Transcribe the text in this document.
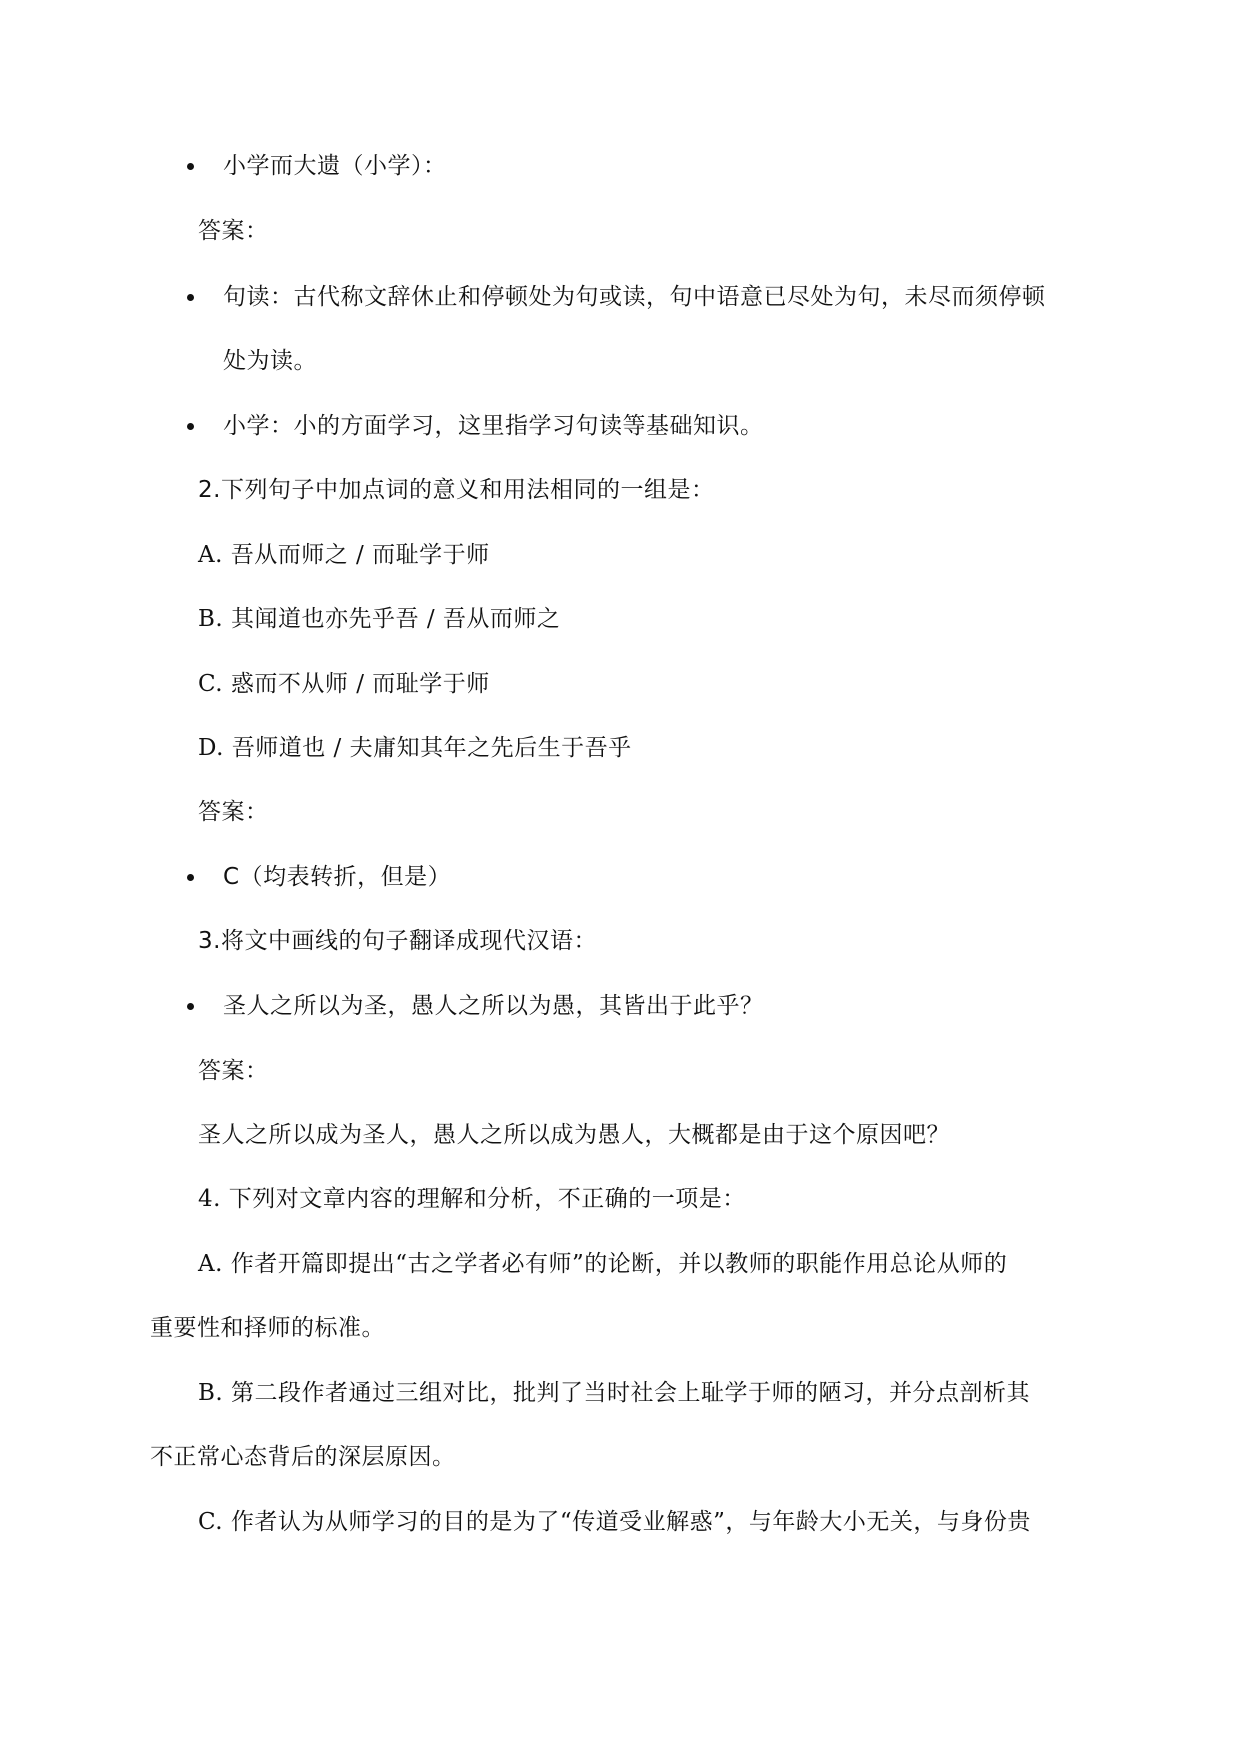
小学而大遗（小学）：
答案：
句读：古代称文辞休止和停顿处为句或读，句中语意已尽处为句，未尽而须停顿
处为读。
小学：小的方面学习，这里指学习句读等基础知识。
2.下列句子中加点词的意义和用法相同的一组是：
A. 吾从而师之 / 而耻学于师
B. 其闻道也亦先乎吾 / 吾从而师之
C. 惑而不从师 / 而耻学于师
D. 吾师道也 / 夫庸知其年之先后生于吾乎
答案：
C（均表转折，但是）
3.将文中画线的句子翻译成现代汉语：
圣人之所以为圣，愚人之所以为愚，其皆出于此乎？
答案：
圣人之所以成为圣人，愚人之所以成为愚人，大概都是由于这个原因吧？
4. 下列对文章内容的理解和分析，不正确的一项是：
A. 作者开篇即提出“古之学者必有师”的论断，并以教师的职能作用总论从师的
重要性和择师的标准。
B. 第二段作者通过三组对比，批判了当时社会上耻学于师的陋习，并分点剖析其
不正常心态背后的深层原因。
C. 作者认为从师学习的目的是为了“传道受业解惑”，与年龄大小无关，与身份贵
